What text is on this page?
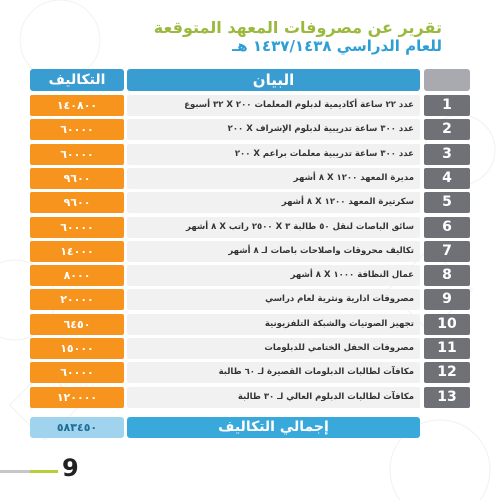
تقرير عن مصروفات المعهد المتوقعة
للعام الدراسي ١٤٣٧/١٤٣٨ هـ
التكاليف	البيان
١٤٠٨٠٠	عدد ٢٢ ساعة أكاديمية لدبلوم المعلمات ٢٠٠ X ٣٢ أسبوع	1
٦٠٠٠٠	عدد ٣٠٠ ساعة تدريبية لدبلوم الإشراف X ٢٠٠	2
٦٠٠٠٠	عدد ٣٠٠ ساعة تدريبية معلمات براعم X ٢٠٠	3
٩٦٠٠	مديرة المعهد ١٢٠٠ X ٨ أشهر	4
٩٦٠٠	سكرتيرة المعهد ١٢٠٠ X ٨ أشهر	5
٦٠٠٠٠	سائق الباصات لنقل ٥٠ طالبة ٣ X ٢٥٠٠ راتب X ٨ أشهر	6
١٤٠٠٠	تكاليف محروقات واصلاحات باصات لـ ٨ أشهر	7
٨٠٠٠	عمال النظافة ١٠٠٠ X ٨ أشهر	8
٢٠٠٠٠	مصروفات ادارية ونثرية لعام دراسي	9
٦٤٥٠	تجهيز الصوتيات والشبكة التلفزيونية	10
١٥٠٠٠	مصروفات الحفل الختامي للدبلومات	11
٦٠٠٠٠	مكافآت لطالبات الدبلومات القصيرة لـ ٦٠ طالبة	12
١٢٠٠٠٠	مكافآت لطالبات الدبلوم العالي لـ ٣٠ طالبة	13
٥٨٣٤٥٠	إجمالي التكاليف
9
